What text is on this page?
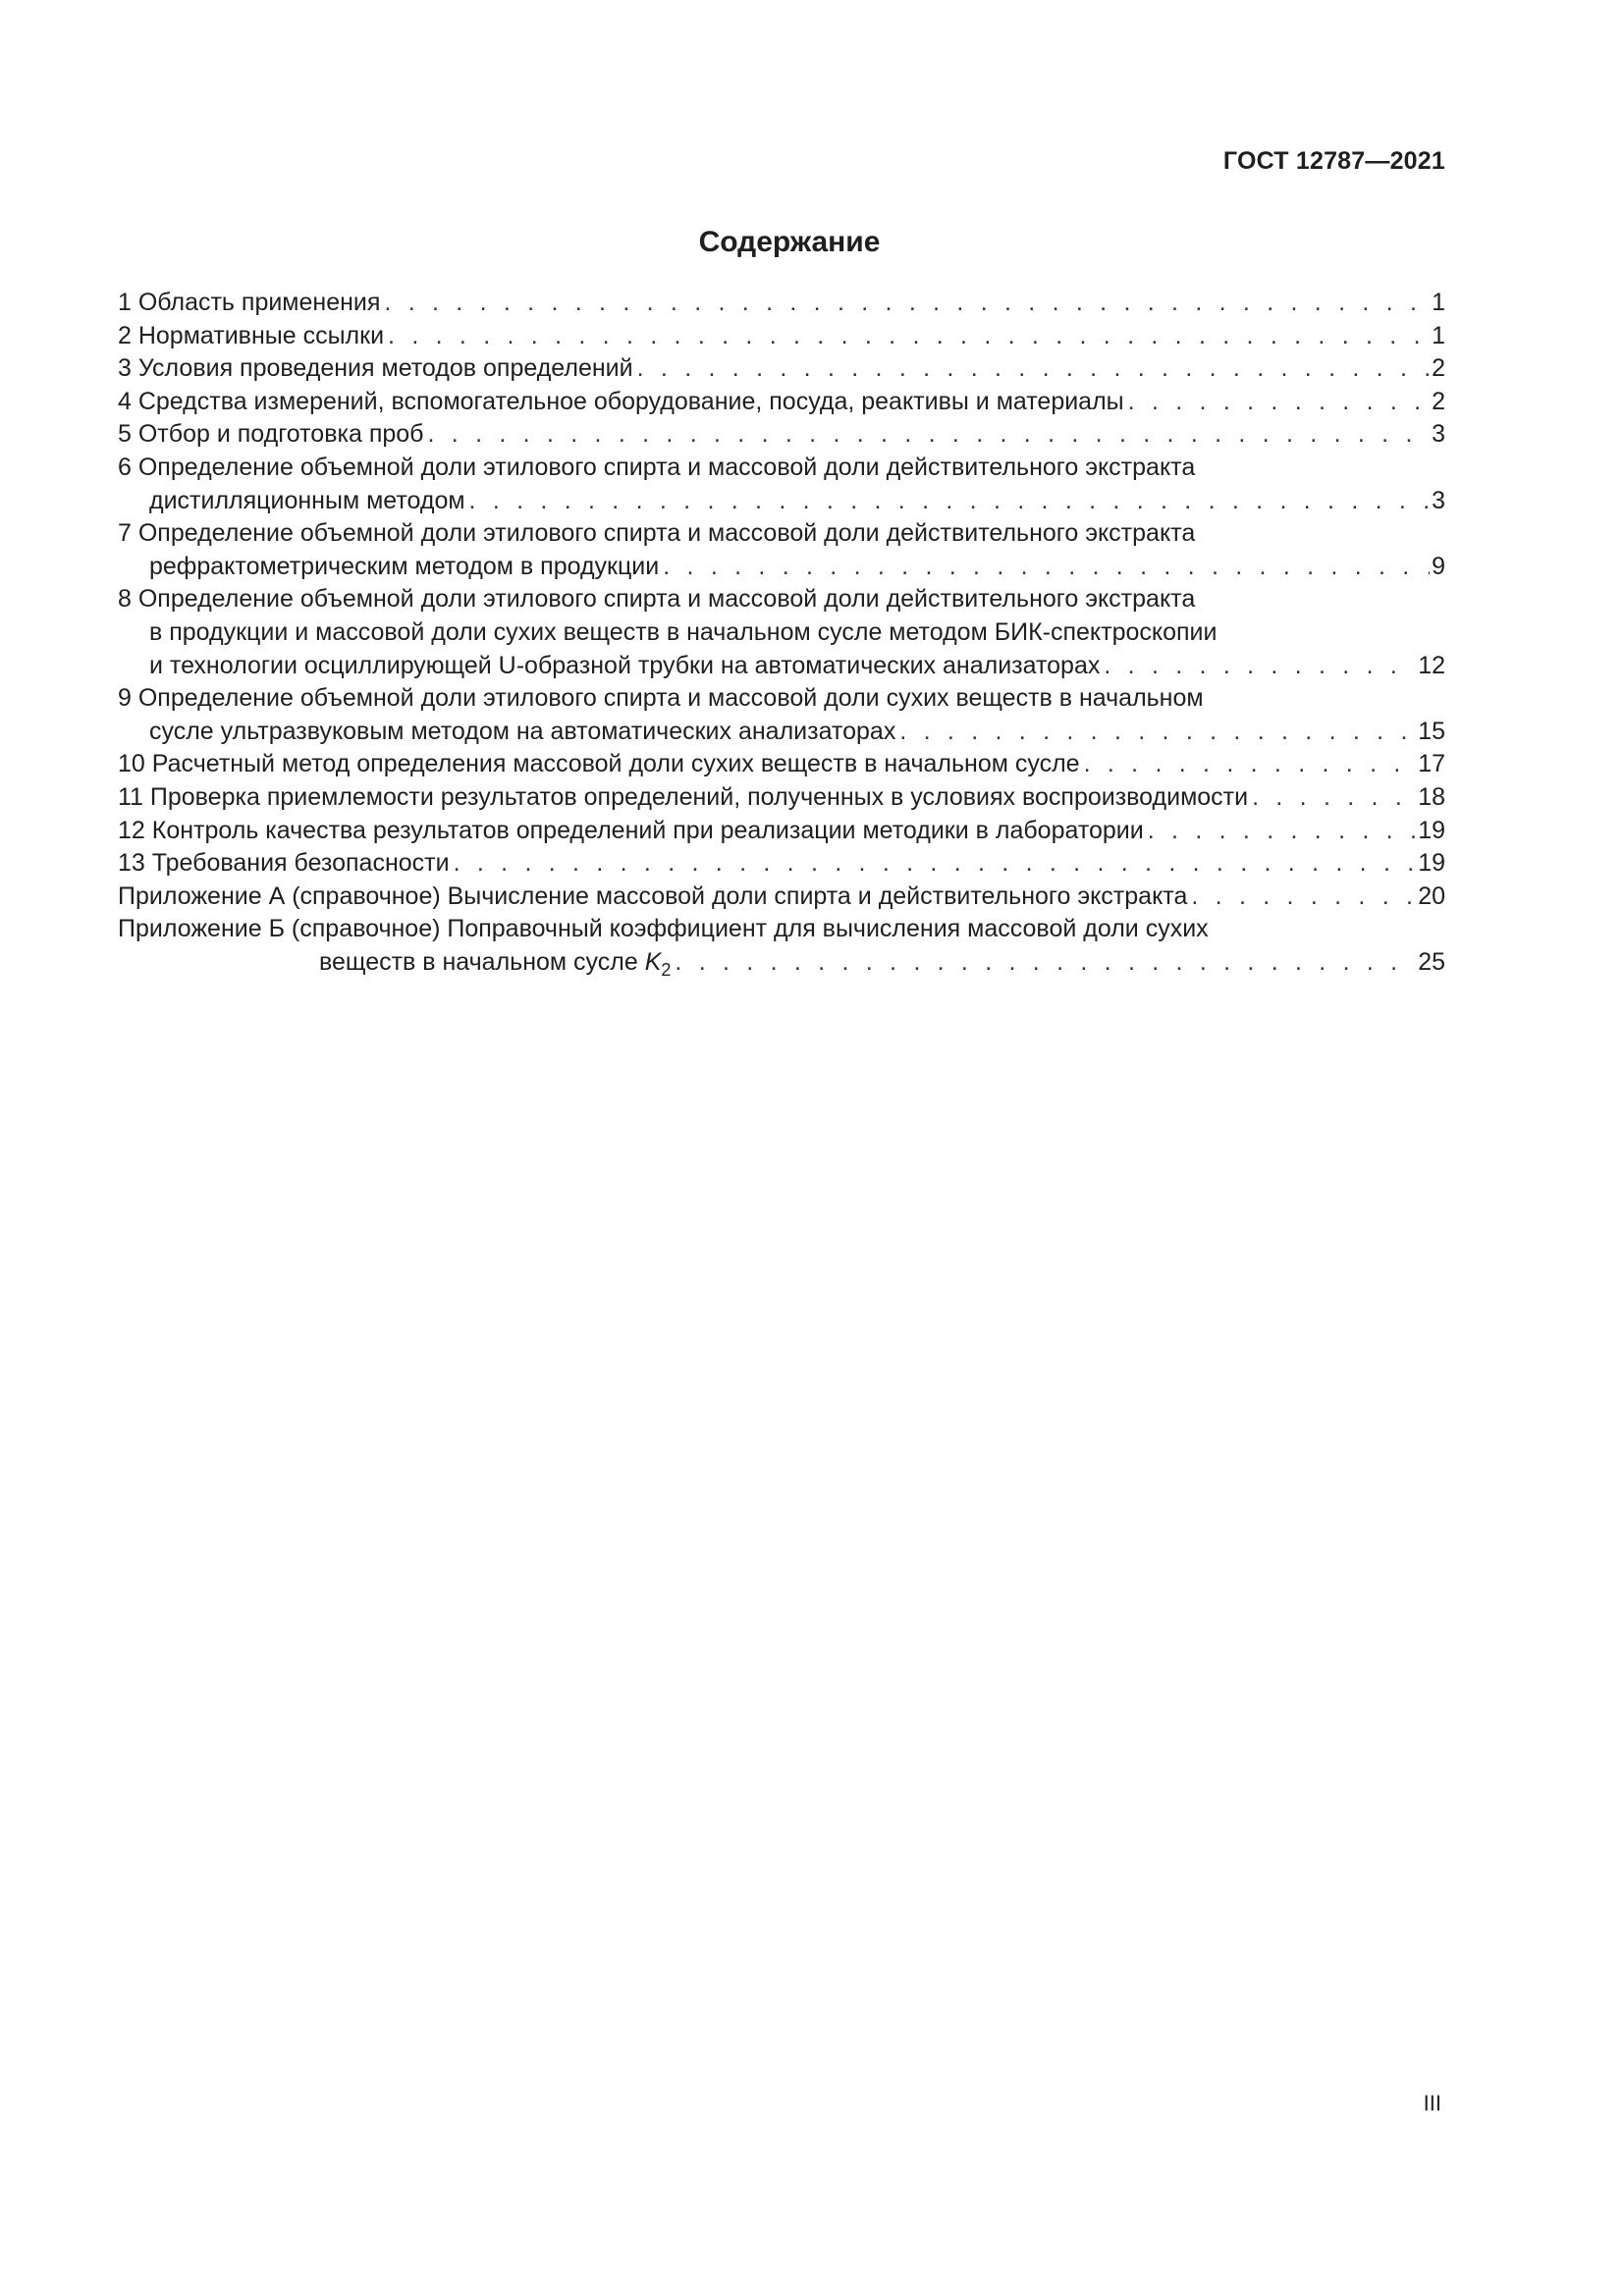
ГОСТ 12787—2021
Содержание
1 Область применения . . .	1
2 Нормативные ссылки . . .	1
3 Условия проведения методов определений . . .	2
4 Средства измерений, вспомогательное оборудование, посуда, реактивы и материалы . . .	2
5 Отбор и подготовка проб . . .	3
6 Определение объемной доли этилового спирта и массовой доли действительного экстракта
дистилляционным методом . . .	3
7 Определение объемной доли этилового спирта и массовой доли действительного экстракта
рефрактометрическим методом в продукции . . .	9
8 Определение объемной доли этилового спирта и массовой доли действительного экстракта
в продукции и массовой доли сухих веществ в начальном сусле методом БИК-спектроскопии
и технологии осциллирующей U-образной трубки на автоматических анализаторах . . .	12
9 Определение объемной доли этилового спирта и массовой доли сухих веществ в начальном
сусле ультразвуковым методом на автоматических анализаторах . . .	15
10 Расчетный метод определения массовой доли сухих веществ в начальном сусле . . .	17
11 Проверка приемлемости результатов определений, полученных в условиях воспроизводимости . . .	18
12 Контроль качества результатов определений при реализации методики в лаборатории . . .	19
13 Требования безопасности . . .	19
Приложение А (справочное) Вычисление массовой доли спирта и действительного экстракта . . .	20
Приложение Б (справочное) Поправочный коэффициент для вычисления массовой доли сухих
веществ в начальном сусле $K_2$ . . .	25
III
